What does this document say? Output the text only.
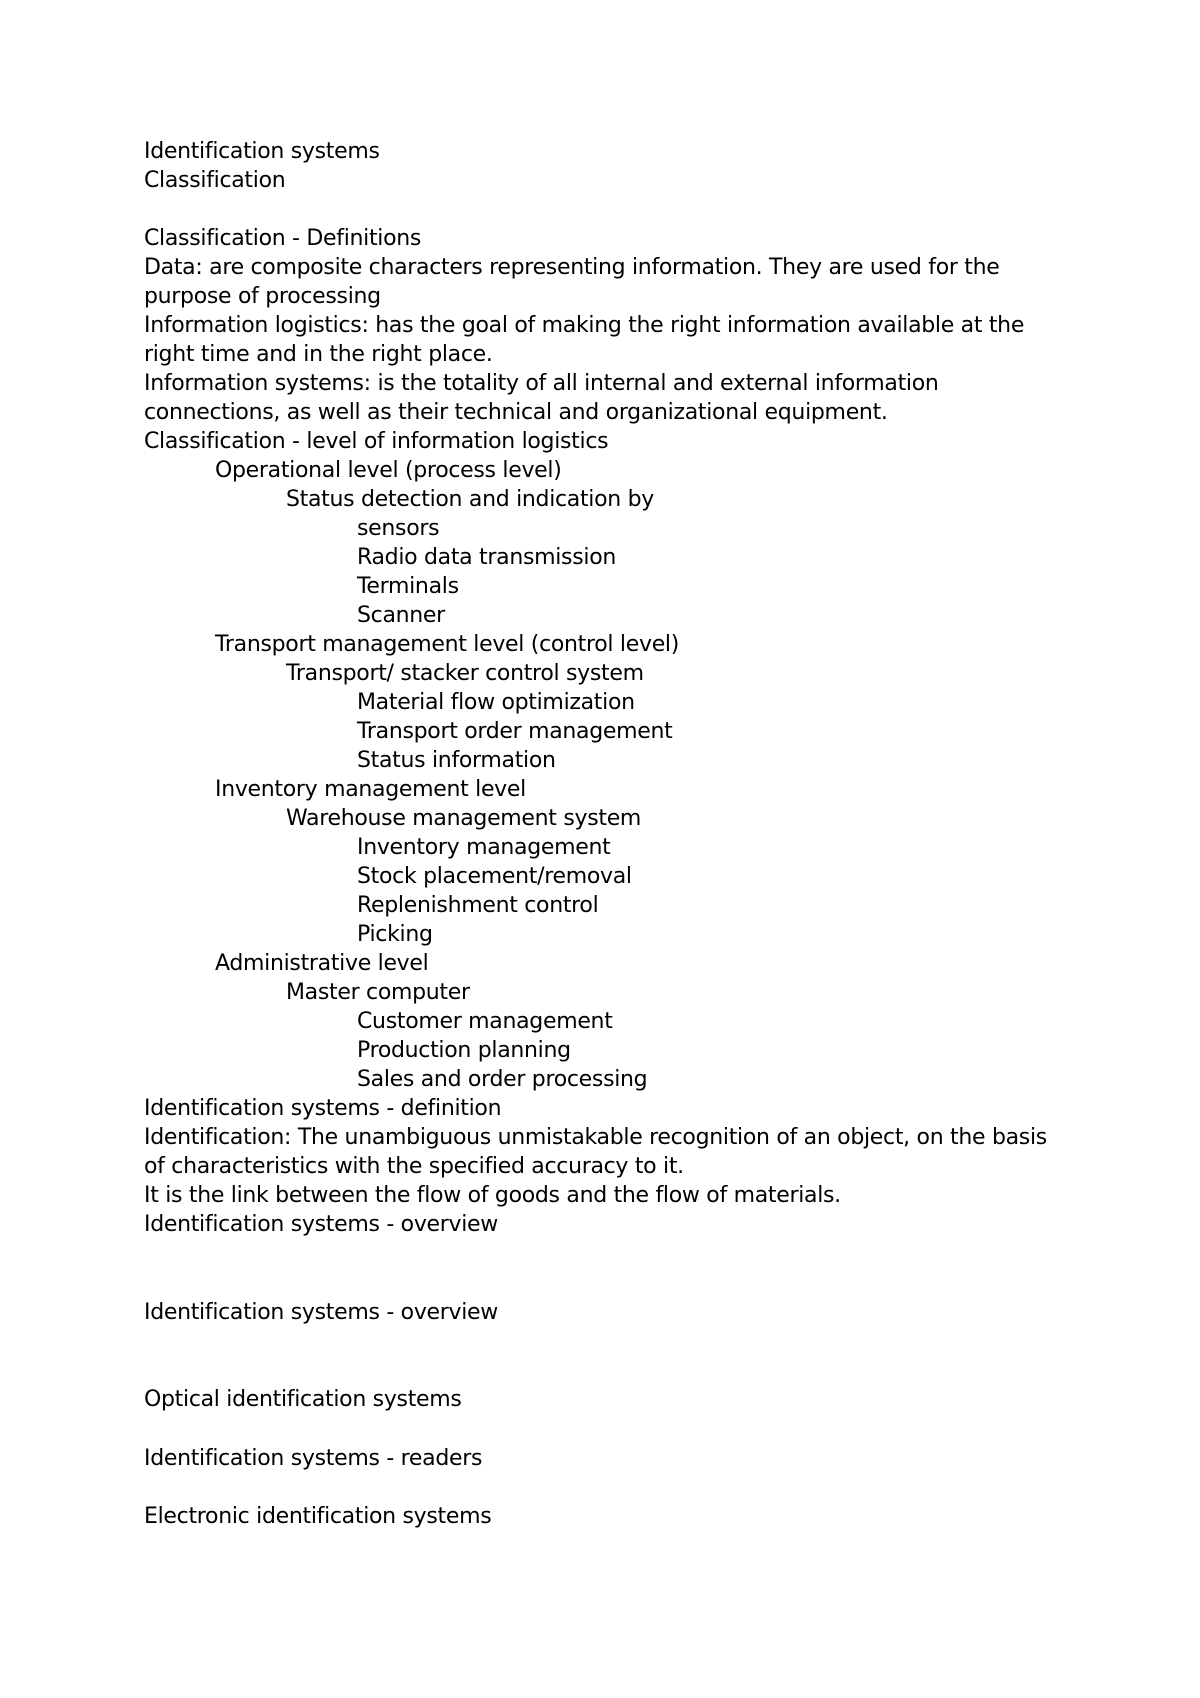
Identification systems
Classification
Classification - Definitions
Data: are composite characters representing information. They are used for the
purpose of processing
Information logistics: has the goal of making the right information available at the
right time and in the right place.
Information systems: is the totality of all internal and external information
connections, as well as their technical and organizational equipment.
Classification - level of information logistics
Operational level (process level)
Status detection and indication by
sensors
Radio data transmission
Terminals
Scanner
Transport management level (control level)
Transport/ stacker control system
Material flow optimization
Transport order management
Status information
Inventory management level
Warehouse management system
Inventory management
Stock placement/removal
Replenishment control
Picking
Administrative level
Master computer
Customer management
Production planning
Sales and order processing
Identification systems - definition
Identification: The unambiguous unmistakable recognition of an object, on the basis
of characteristics with the specified accuracy to it.
It is the link between the flow of goods and the flow of materials.
Identification systems - overview
Identification systems - overview
Optical identification systems
Identification systems - readers
Electronic identification systems
